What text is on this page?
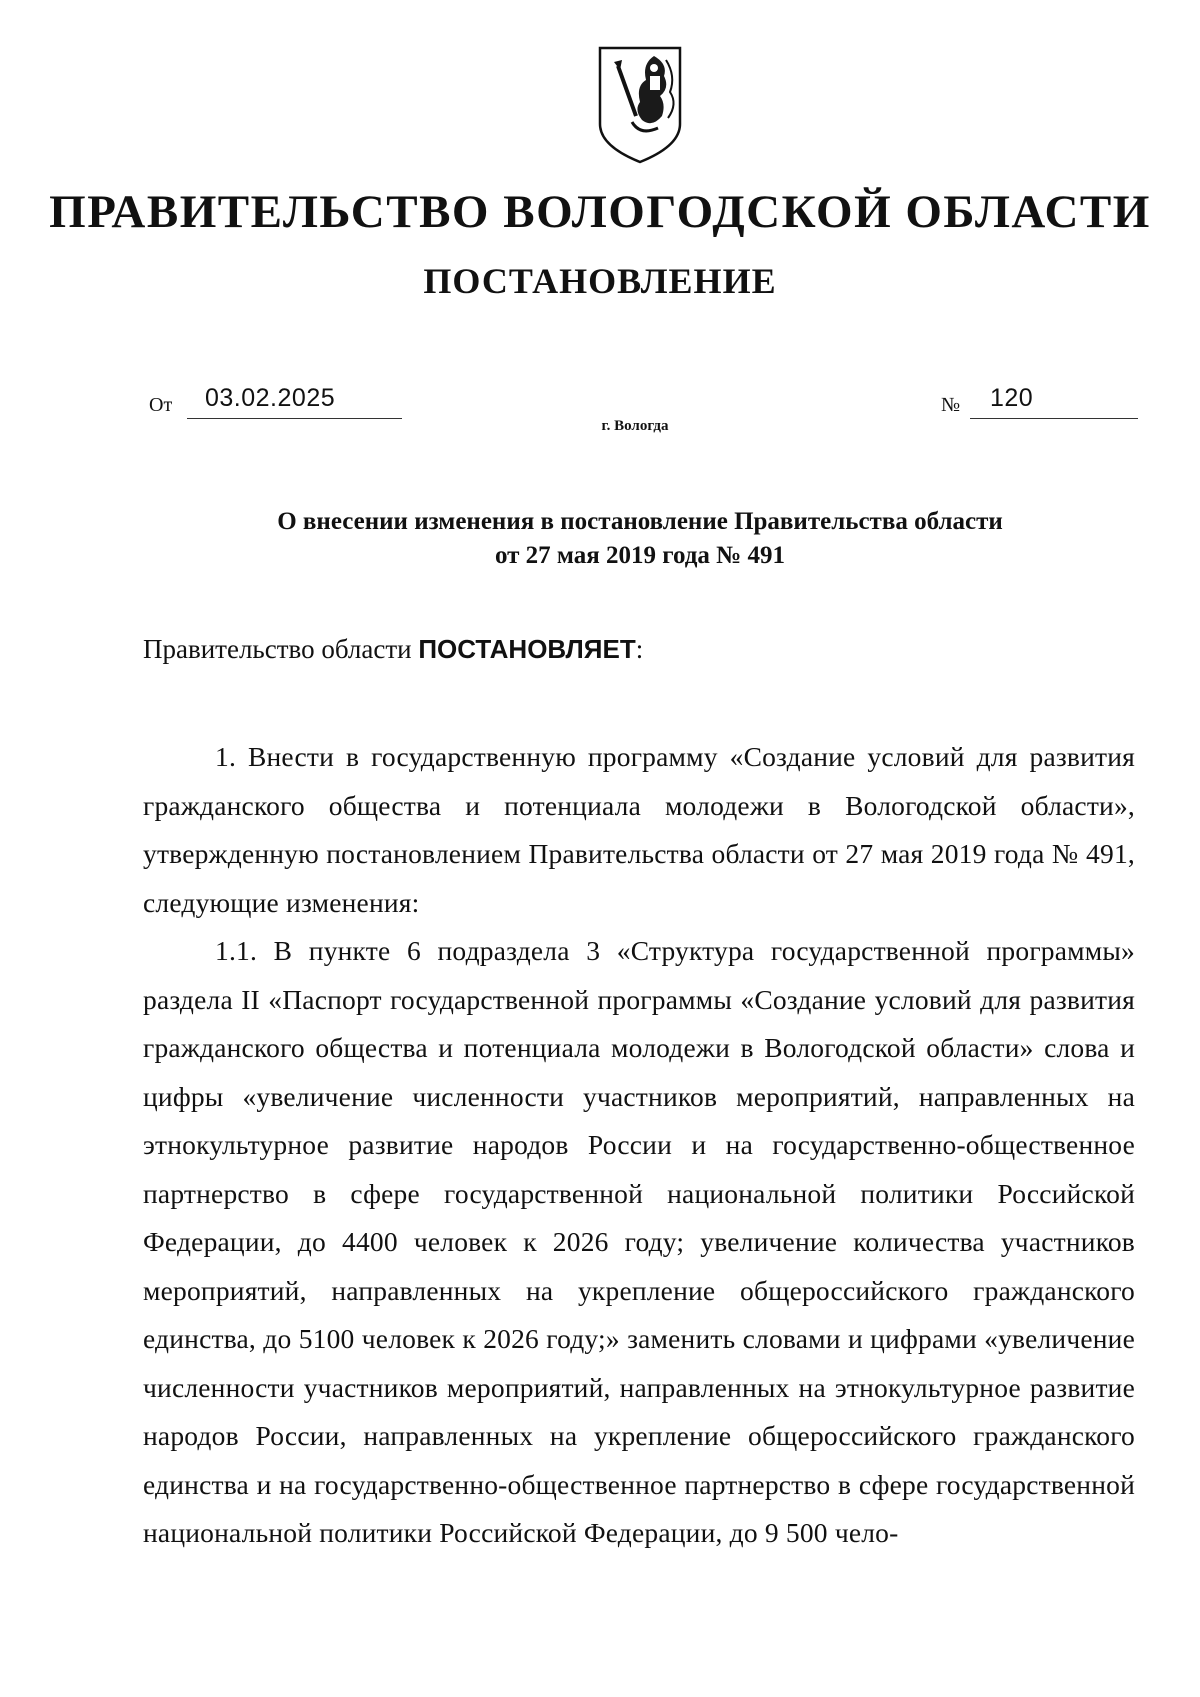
ПРАВИТЕЛЬСТВО ВОЛОГОДСКОЙ ОБЛАСТИ
ПОСТАНОВЛЕНИЕ
От 03.02.2025	№ 120
г. Вологда
О внесении изменения в постановление Правительства области
от 27 мая 2019 года № 491
Правительство области ПОСТАНОВЛЯЕТ:

1. Внести в государственную программу «Создание условий для развития гражданского общества и потенциала молодежи в Вологодской области», утвержденную постановлением Правительства области от 27 мая 2019 года № 491, следующие изменения:

1.1. В пункте 6 подраздела 3 «Структура государственной программы» раздела II «Паспорт государственной программы «Создание условий для развития гражданского общества и потенциала молодежи в Вологодской области» слова и цифры «увеличение численности участников мероприятий, направленных на этнокультурное развитие народов России и на государственно-общественное партнерство в сфере государственной национальной политики Российской Федерации, до 4400 человек к 2026 году; увеличение количества участников мероприятий, направленных на укрепление общероссийского гражданского единства, до 5100 человек к 2026 году;» заменить словами и цифрами «увеличение численности участников мероприятий, направленных на этнокультурное развитие народов России, направленных на укрепление общероссийского гражданского единства и на государственно-общественное партнерство в сфере государственной национальной политики Российской Федерации, до 9 500 чело-
